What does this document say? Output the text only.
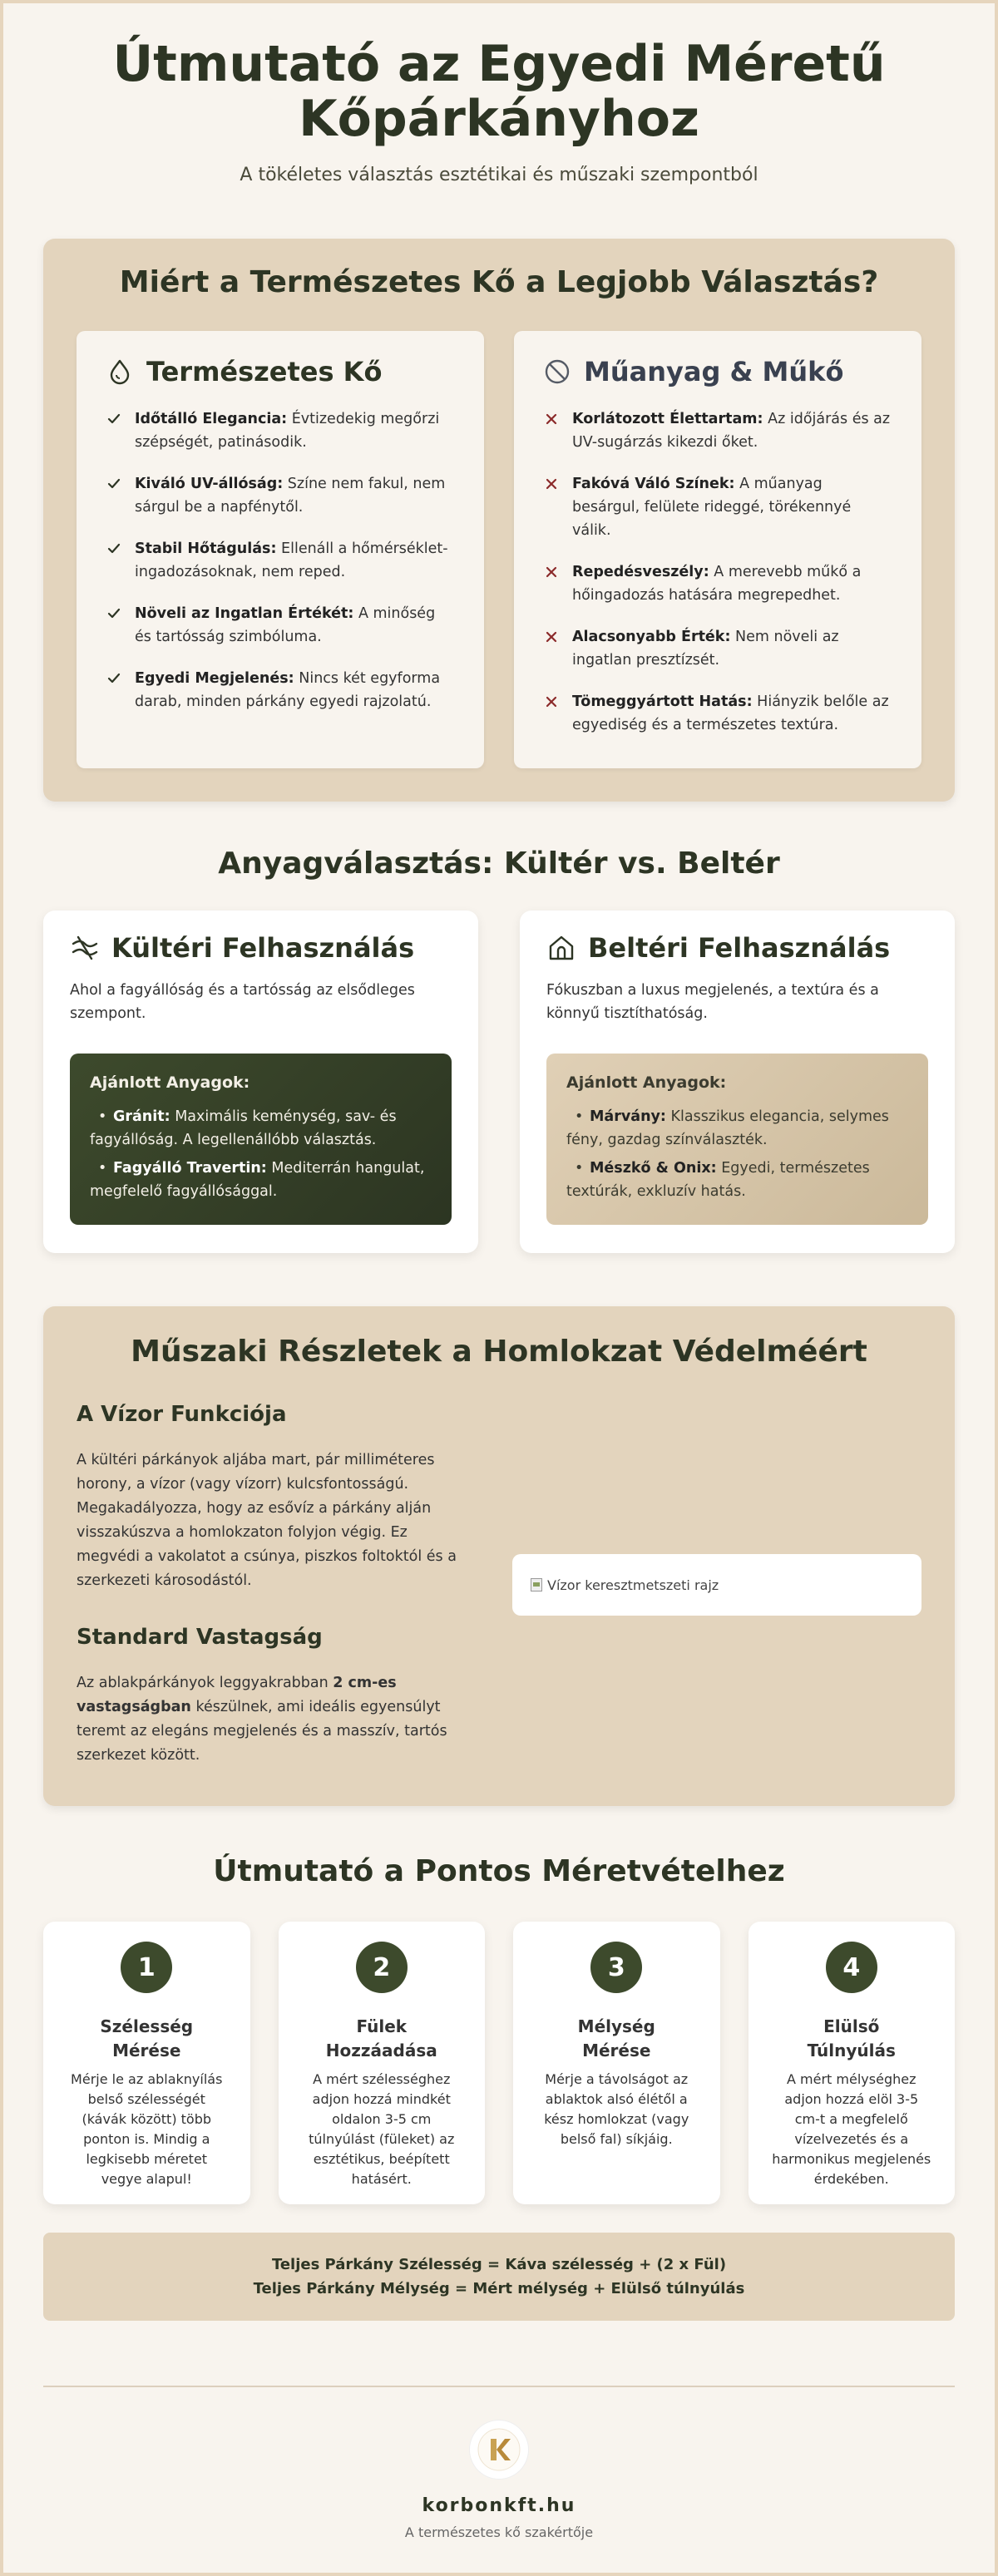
Útmutató az Egyedi Méretű Kőpárkányhoz

A tökéletes választás esztétikai és műszaki szempontból

Miért a Természetes Kő a Legjobb Választás?
Természetes Kő
Időtálló Elegancia: Évtizedekig megőrzi szépségét, patinásodik.
Kiváló UV-állóság: Színe nem fakul, nem sárgul be a napfénytől.
Stabil Hőtágulás: Ellenáll a hőmérséklet-ingadozásoknak, nem reped.
Növeli az Ingatlan Értékét: A minőség és tartósság szimbóluma.
Egyedi Megjelenés: Nincs két egyforma darab, minden párkány egyedi rajzolatú.
Műanyag & Műkő
Korlátozott Élettartam: Az időjárás és az UV-sugárzás kikezdi őket.
Fakóvá Váló Színek: A műanyag besárgul, felülete rideggé, törékennyé válik.
Repedésveszély: A merevebb műkő a hőingadozás hatására megrepedhet.
Alacsonyabb Érték: Nem növeli az ingatlan presztízsét.
Tömeggyártott Hatás: Hiányzik belőle az egyediség és a természetes textúra.
Anyagválasztás: Kültér vs. Beltér
Kültéri Felhasználás

Ahol a fagyállóság és a tartósság az elsődleges szempont.

Ajánlott Anyagok:
• Gránit: Maximális keménység, sav- és fagyállóság. A legellenállóbb választás.
• Fagyálló Travertin: Mediterrán hangulat, megfelelő fagyállósággal.
Beltéri Felhasználás

Fókuszban a luxus megjelenés, a textúra és a könnyű tisztíthatóság.

Ajánlott Anyagok:
• Márvány: Klasszikus elegancia, selymes fény, gazdag színválaszték.
• Mészkő & Onix: Egyedi, természetes textúrák, exkluzív hatás.
Műszaki Részletek a Homlokzat Védelméért
A Vízor Funkciója

A kültéri párkányok aljába mart, pár milliméteres horony, a vízor (vagy vízorr) kulcsfontosságú. Megakadályozza, hogy az esővíz a párkány alján visszakúszva a homlokzaton folyjon végig. Ez megvédi a vakolatot a csúnya, piszkos foltoktól és a szerkezeti károsodástól.

Standard Vastagság

Az ablakpárkányok leggyakrabban 2 cm-es vastagságban készülnek, ami ideális egyensúlyt teremt az elegáns megjelenés és a masszív, tartós szerkezet között.

Vízor keresztmetszeti rajz
Útmutató a Pontos Méretvételhez
1
Szélesség Mérése

Mérje le az ablaknyílás belső szélességét (kávák között) több ponton is. Mindig a legkisebb méretet vegye alapul!

2
Fülek Hozzáadása

A mért szélességhez adjon hozzá mindkét oldalon 3-5 cm túlnyúlást (füleket) az esztétikus, beépített hatásért.

3
Mélység Mérése

Mérje a távolságot az ablaktok alsó élétől a kész homlokzat (vagy belső fal) síkjáig.

4
Elülső Túlnyúlás

A mért mélységhez adjon hozzá elöl 3-5 cm-t a megfelelő vízelvezetés és a harmonikus megjelenés érdekében.

Teljes Párkány Szélesség = Káva szélesség + (2 x Fül)
Teljes Párkány Mélység = Mért mélység + Elülső túlnyúlás
korbonkft.hu
A természetes kő szakértője
